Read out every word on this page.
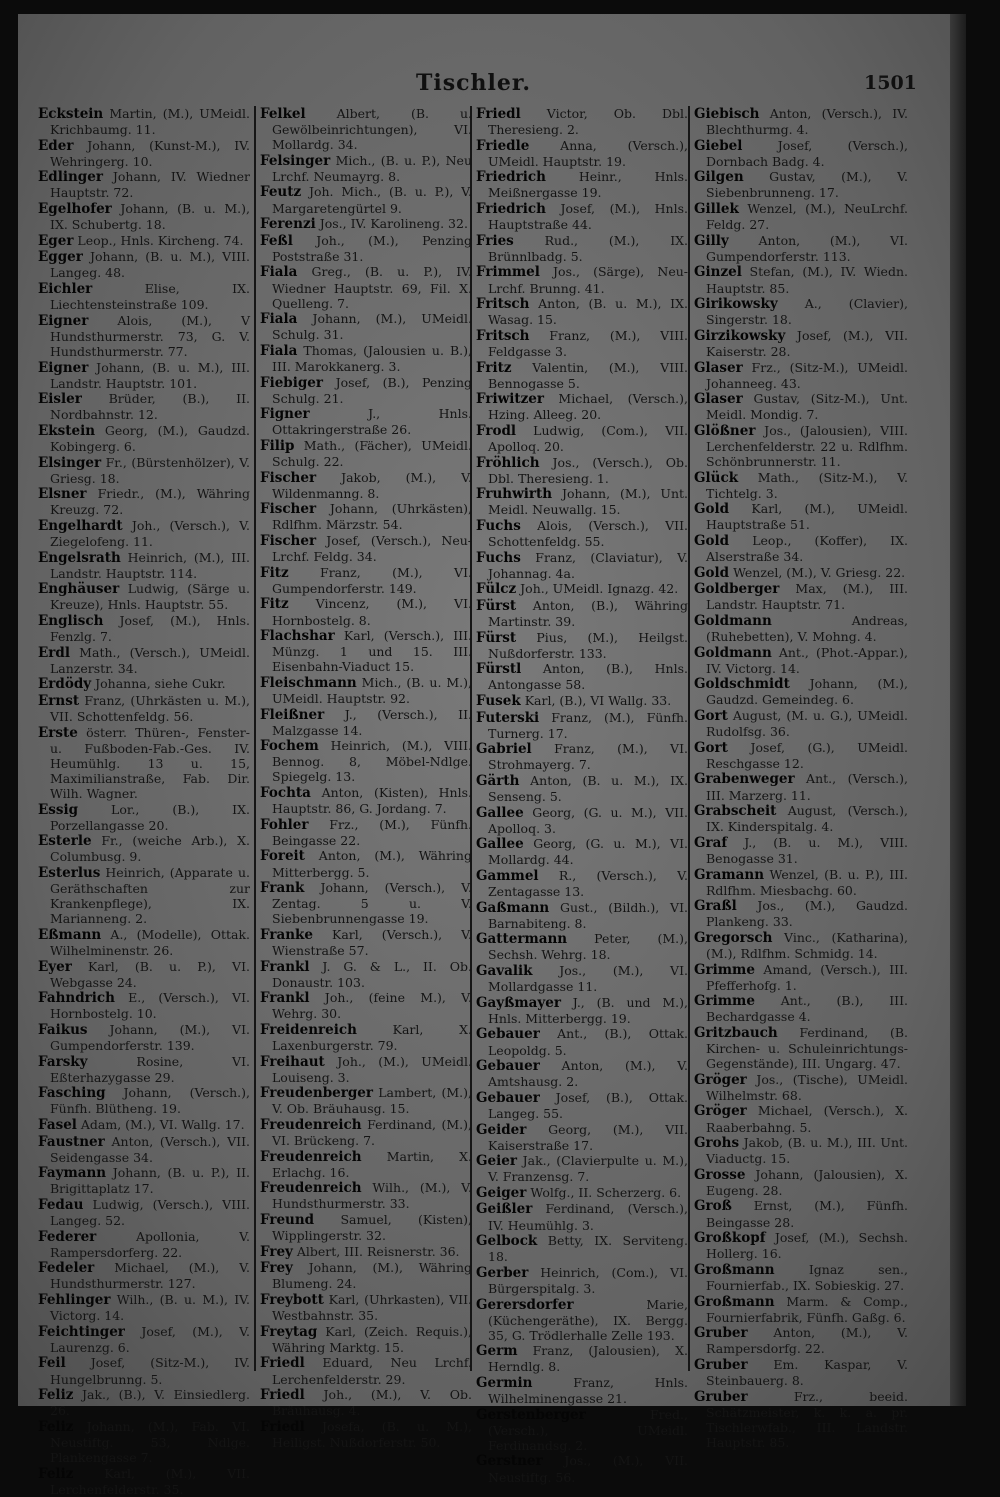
Tischler.	1501
Eckstein Martin, (M.), UMeidl. Krichbaumg. 11.
Eder Johann, (Kunst-M.), IV. Wehringerg. 10.
Edlinger Johann, IV. Wiedner Hauptstr. 72.
Egelhofer Johann, (B. u. M.), IX. Schubertg. 18.
Eger Leop., Hnls. Kircheng. 74.
Egger Johann, (B. u. M.), VIII. Langeg. 48.
Eichler Elise, IX. Liechtensteinstraße 109.
Eigner Alois, (M.), V Hundsthurmerstr. 73, G. V. Hundsthurmerstr. 77.
Eigner Johann, (B. u. M.), III. Landstr. Hauptstr. 101.
Eisler Brüder, (B.), II. Nordbahnstr. 12.
Ekstein Georg, (M.), Gaudzd. Kobingerg. 6.
Elsinger Fr., (Bürstenhölzer), V. Griesg. 18.
Elsner Friedr., (M.), Währing Kreuzg. 72.
Engelhardt Joh., (Versch.), V. Ziegelofeng. 11.
Engelsrath Heinrich, (M.), III. Landstr. Hauptstr. 114.
Enghäuser Ludwig, (Särge u. Kreuze), Hnls. Hauptstr. 55.
Englisch Josef, (M.), Hnls. Fenzlg. 7.
Erdl Math., (Versch.), UMeidl. Lanzerstr. 34.
Erdödy Johanna, siehe Cukr.
Ernst Franz, (Uhrkästen u. M.), VII. Schottenfeldg. 56.
Erste österr. Thüren-, Fenster- u. Fußboden-Fab.-Ges. IV. Heumühlg. 13 u. 15, Maximilianstraße, Fab. Dir. Wilh. Wagner.
Essig Lor., (B.), IX. Porzellangasse 20.
Esterle Fr., (weiche Arb.), X. Columbusg. 9.
Esterlus Heinrich, (Apparate u. Geräthschaften zur Krankenpflege), IX. Marianneng. 2.
Eßmann A., (Modelle), Ottak. Wilhelminenstr. 26.
Eyer Karl, (B. u. P.), VI. Webgasse 24.
Fahndrich E., (Versch.), VI. Hornbostelg. 10.
Faikus Johann, (M.), VI. Gumpendorferstr. 139.
Farsky Rosine, VI. Eßterhazygasse 29.
Fasching Johann, (Versch.), Fünfh. Blütheng. 19.
Fasel Adam, (M.), VI. Wallg. 17.
Faustner Anton, (Versch.), VII. Seidengasse 34.
Faymann Johann, (B. u. P.), II. Brigittaplatz 17.
Fedau Ludwig, (Versch.), VIII. Langeg. 52.
Federer Apollonia, V. Rampersdorferg. 22.
Fedeler Michael, (M.), V. Hundsthurmerstr. 127.
Fehlinger Wilh., (B. u. M.), IV. Victorg. 14.
Feichtinger Josef, (M.), V. Laurenzg. 6.
Feil Josef, (Sitz-M.), IV. Hungelbrunng. 5.
Feliz Jak., (B.), V. Einsiedlerg. 26.
Feliz Johann, (M.), Fab. VI. Neustiftg. 53, Ndlge. Plankengasse 7.
Feliz Karl, (M.), VII. Lerchenfelderstr. 35.
Felkel Albert, (B. u. Gewölbeinrichtungen), VI. Mollardg. 34.
Felsinger Mich., (B. u. P.), Neu Lrchf. Neumayrg. 8.
Feutz Joh. Mich., (B. u. P.), V. Margaretengürtel 9.
Ferenzi Jos., IV. Karolineng. 32.
Feßl Joh., (M.), Penzing Poststraße 31.
Fiala Greg., (B. u. P.), IV. Wiedner Hauptstr. 69, Fil. X. Quelleng. 7.
Fiala Johann, (M.), UMeidl. Schulg. 31.
Fiala Thomas, (Jalousien u. B.), III. Marokkanerg. 3.
Fiebiger Josef, (B.), Penzing Schulg. 21.
Figner J., Hnls. Ottakringerstraße 26.
Filip Math., (Fächer), UMeidl. Schulg. 22.
Fischer Jakob, (M.), V. Wildenmanng. 8.
Fischer Johann, (Uhrkästen), Rdlfhm. Märzstr. 54.
Fischer Josef, (Versch.), Neu-Lrchf. Feldg. 34.
Fitz Franz, (M.), VI. Gumpendorferstr. 149.
Fitz Vincenz, (M.), VI. Hornbostelg. 8.
Flachshar Karl, (Versch.), III. Münzg. 1 und 15. III. Eisenbahn-Viaduct 15.
Fleischmann Mich., (B. u. M.), UMeidl. Hauptstr. 92.
Fleißner J., (Versch.), II. Malzgasse 14.
Fochem Heinrich, (M.), VIII. Bennog. 8, Möbel-Ndlge. Spiegelg. 13.
Fochta Anton, (Kisten), Hnls. Hauptstr. 86, G. Jordang. 7.
Fohler Frz., (M.), Fünfh. Beingasse 22.
Foreit Anton, (M.), Währing Mitterbergg. 5.
Frank Johann, (Versch.), V. Zentag. 5 u. V. Siebenbrunnengasse 19.
Franke Karl, (Versch.), V. Wienstraße 57.
Frankl J. G. & L., II. Ob. Donaustr. 103.
Frankl Joh., (feine M.), V. Wehrg. 30.
Freidenreich Karl, X. Laxenburgerstr. 79.
Freihaut Joh., (M.), UMeidl. Louiseng. 3.
Freudenberger Lambert, (M.), V. Ob. Bräuhausg. 15.
Freudenreich Ferdinand, (M.), VI. Brückeng. 7.
Freudenreich Martin, X. Erlachg. 16.
Freudenreich Wilh., (M.), V. Hundsthurmerstr. 33.
Freund Samuel, (Kisten), Wipplingerstr. 32.
Frey Albert, III. Reisnerstr. 36.
Frey Johann, (M.), Währing Blumeng. 24.
Freybott Karl, (Uhrkasten), VII. Westbahnstr. 35.
Freytag Karl, (Zeich. Requis.), Währing Marktg. 15.
Friedl Eduard, Neu Lrchf. Lerchenfelderstr. 29.
Friedl Joh., (M.), V. Ob. Bräuhausg. 4.
Friedl Josefa, (B. u. M.), Heiligst. Nußdorferstr. 50.
Friedl Victor, Ob. Dbl. Theresieng. 2.
Friedle Anna, (Versch.), UMeidl. Hauptstr. 19.
Friedrich Heinr., Hnls. Meißnergasse 19.
Friedrich Josef, (M.), Hnls. Hauptstraße 44.
Fries Rud., (M.), IX. Brünnlbadg. 5.
Frimmel Jos., (Särge), Neu-Lrchf. Brunng. 41.
Fritsch Anton, (B. u. M.), IX. Wasag. 15.
Fritsch Franz, (M.), VIII. Feldgasse 3.
Fritz Valentin, (M.), VIII. Bennogasse 5.
Friwitzer Michael, (Versch.), Hzing. Alleeg. 20.
Frodl Ludwig, (Com.), VII. Apolloq. 20.
Fröhlich Jos., (Versch.), Ob. Dbl. Theresieng. 1.
Fruhwirth Johann, (M.), Unt. Meidl. Neuwallg. 15.
Fuchs Alois, (Versch.), VII. Schottenfeldg. 55.
Fuchs Franz, (Claviatur), V. Johannag. 4a.
Fülcz Joh., UMeidl. Ignazg. 42.
Fürst Anton, (B.), Währing Martinstr. 39.
Fürst Pius, (M.), Heilgst. Nußdorferstr. 133.
Fürstl Anton, (B.), Hnls. Antongasse 58.
Fusek Karl, (B.), VI Wallg. 33.
Futerski Franz, (M.), Fünfh. Turnerg. 17.
Gabriel Franz, (M.), VI. Strohmayerg. 7.
Gärth Anton, (B. u. M.), IX. Senseng. 5.
Gallee Georg, (G. u. M.), VII. Apolloq. 3.
Gallee Georg, (G. u. M.), VI. Mollardg. 44.
Gammel R., (Versch.), V. Zentagasse 13.
Gaßmann Gust., (Bildh.), VI. Barnabiteng. 8.
Gattermann Peter, (M.), Sechsh. Wehrg. 18.
Gavalik Jos., (M.), VI. Mollardgasse 11.
Gayßmayer J., (B. und M.), Hnls. Mitterbergg. 19.
Gebauer Ant., (B.), Ottak. Leopoldg. 5.
Gebauer Anton, (M.), V. Amtshausg. 2.
Gebauer Josef, (B.), Ottak. Langeg. 55.
Geider Georg, (M.), VII. Kaiserstraße 17.
Geier Jak., (Clavierpulte u. M.), V. Franzensg. 7.
Geiger Wolfg., II. Scherzerg. 6.
Geißler Ferdinand, (Versch.), IV. Heumühlg. 3.
Gelbock Betty, IX. Serviteng. 18.
Gerber Heinrich, (Com.), VI. Bürgerspitalg. 3.
Gerersdorfer Marie, (Küchengeräthe), IX. Bergg. 35, G. Trödlerhalle Zelle 193.
Germ Franz, (Jalousien), X. Herndlg. 8.
Germin Franz, Hnls. Wilhelminengasse 21.
Gerstenberger Fred., (Versch.), UMeidl. Ferdinandsg. 2.
Gerstner Jos., (M.), VII. Neustiftg. 56.
Giebisch Anton, (Versch.), IV. Blechthurmg. 4.
Giebel Josef, (Versch.), Dornbach Badg. 4.
Gilgen Gustav, (M.), V. Siebenbrunneng. 17.
Gillek Wenzel, (M.), NeuLrchf. Feldg. 27.
Gilly Anton, (M.), VI. Gumpendorferstr. 113.
Ginzel Stefan, (M.), IV. Wiedn. Hauptstr. 85.
Girikowsky A., (Clavier), Singerstr. 18.
Girzikowsky Josef, (M.), VII. Kaiserstr. 28.
Glaser Frz., (Sitz-M.), UMeidl. Johanneeg. 43.
Glaser Gustav, (Sitz-M.), Unt. Meidl. Mondig. 7.
Glößner Jos., (Jalousien), VIII. Lerchenfelderstr. 22 u. Rdlfhm. Schönbrunnerstr. 11.
Glück Math., (Sitz-M.), V. Tichtelg. 3.
Gold Karl, (M.), UMeidl. Hauptstraße 51.
Gold Leop., (Koffer), IX. Alserstraße 34.
Gold Wenzel, (M.), V. Griesg. 22.
Goldberger Max, (M.), III. Landstr. Hauptstr. 71.
Goldmann Andreas, (Ruhebetten), V. Mohng. 4.
Goldmann Ant., (Phot.-Appar.), IV. Victorg. 14.
Goldschmidt Johann, (M.), Gaudzd. Gemeindeg. 6.
Gort August, (M. u. G.), UMeidl. Rudolfsg. 36.
Gort Josef, (G.), UMeidl. Reschgasse 12.
Grabenweger Ant., (Versch.), III. Marzerg. 11.
Grabscheit August, (Versch.), IX. Kinderspitalg. 4.
Graf J., (B. u. M.), VIII. Benogasse 31.
Gramann Wenzel, (B. u. P.), III. Rdlfhm. Miesbachg. 60.
Graßl Jos., (M.), Gaudzd. Plankeng. 33.
Gregorsch Vinc., (Katharina), (M.), Rdlfhm. Schmidg. 14.
Grimme Amand, (Versch.), III. Pfefferhofg. 1.
Grimme Ant., (B.), III. Bechardgasse 4.
Gritzbauch Ferdinand, (B. Kirchen- u. Schuleinrichtungs-Gegenstände), III. Ungarg. 47.
Gröger Jos., (Tische), UMeidl. Wilhelmstr. 68.
Gröger Michael, (Versch.), X. Raaberbahng. 5.
Grohs Jakob, (B. u. M.), III. Unt. Viaductg. 15.
Grosse Johann, (Jalousien), X. Eugeng. 28.
Groß Ernst, (M.), Fünfh. Beingasse 28.
Großkopf Josef, (M.), Sechsh. Hollerg. 16.
Großmann Ignaz sen., Fournierfab., IX. Sobieskig. 27.
Großmann Marm. & Comp., Fournierfabrik, Fünfh. Gaßg. 6.
Gruber Anton, (M.), V. Rampersdorfg. 22.
Gruber Em. Kaspar, V. Steinbauerg. 8.
Gruber Frz., beeid. Schätzmeister, k. k. a. pr. Tischlerwfab., III. Landstr. Hauptstr. 85.
